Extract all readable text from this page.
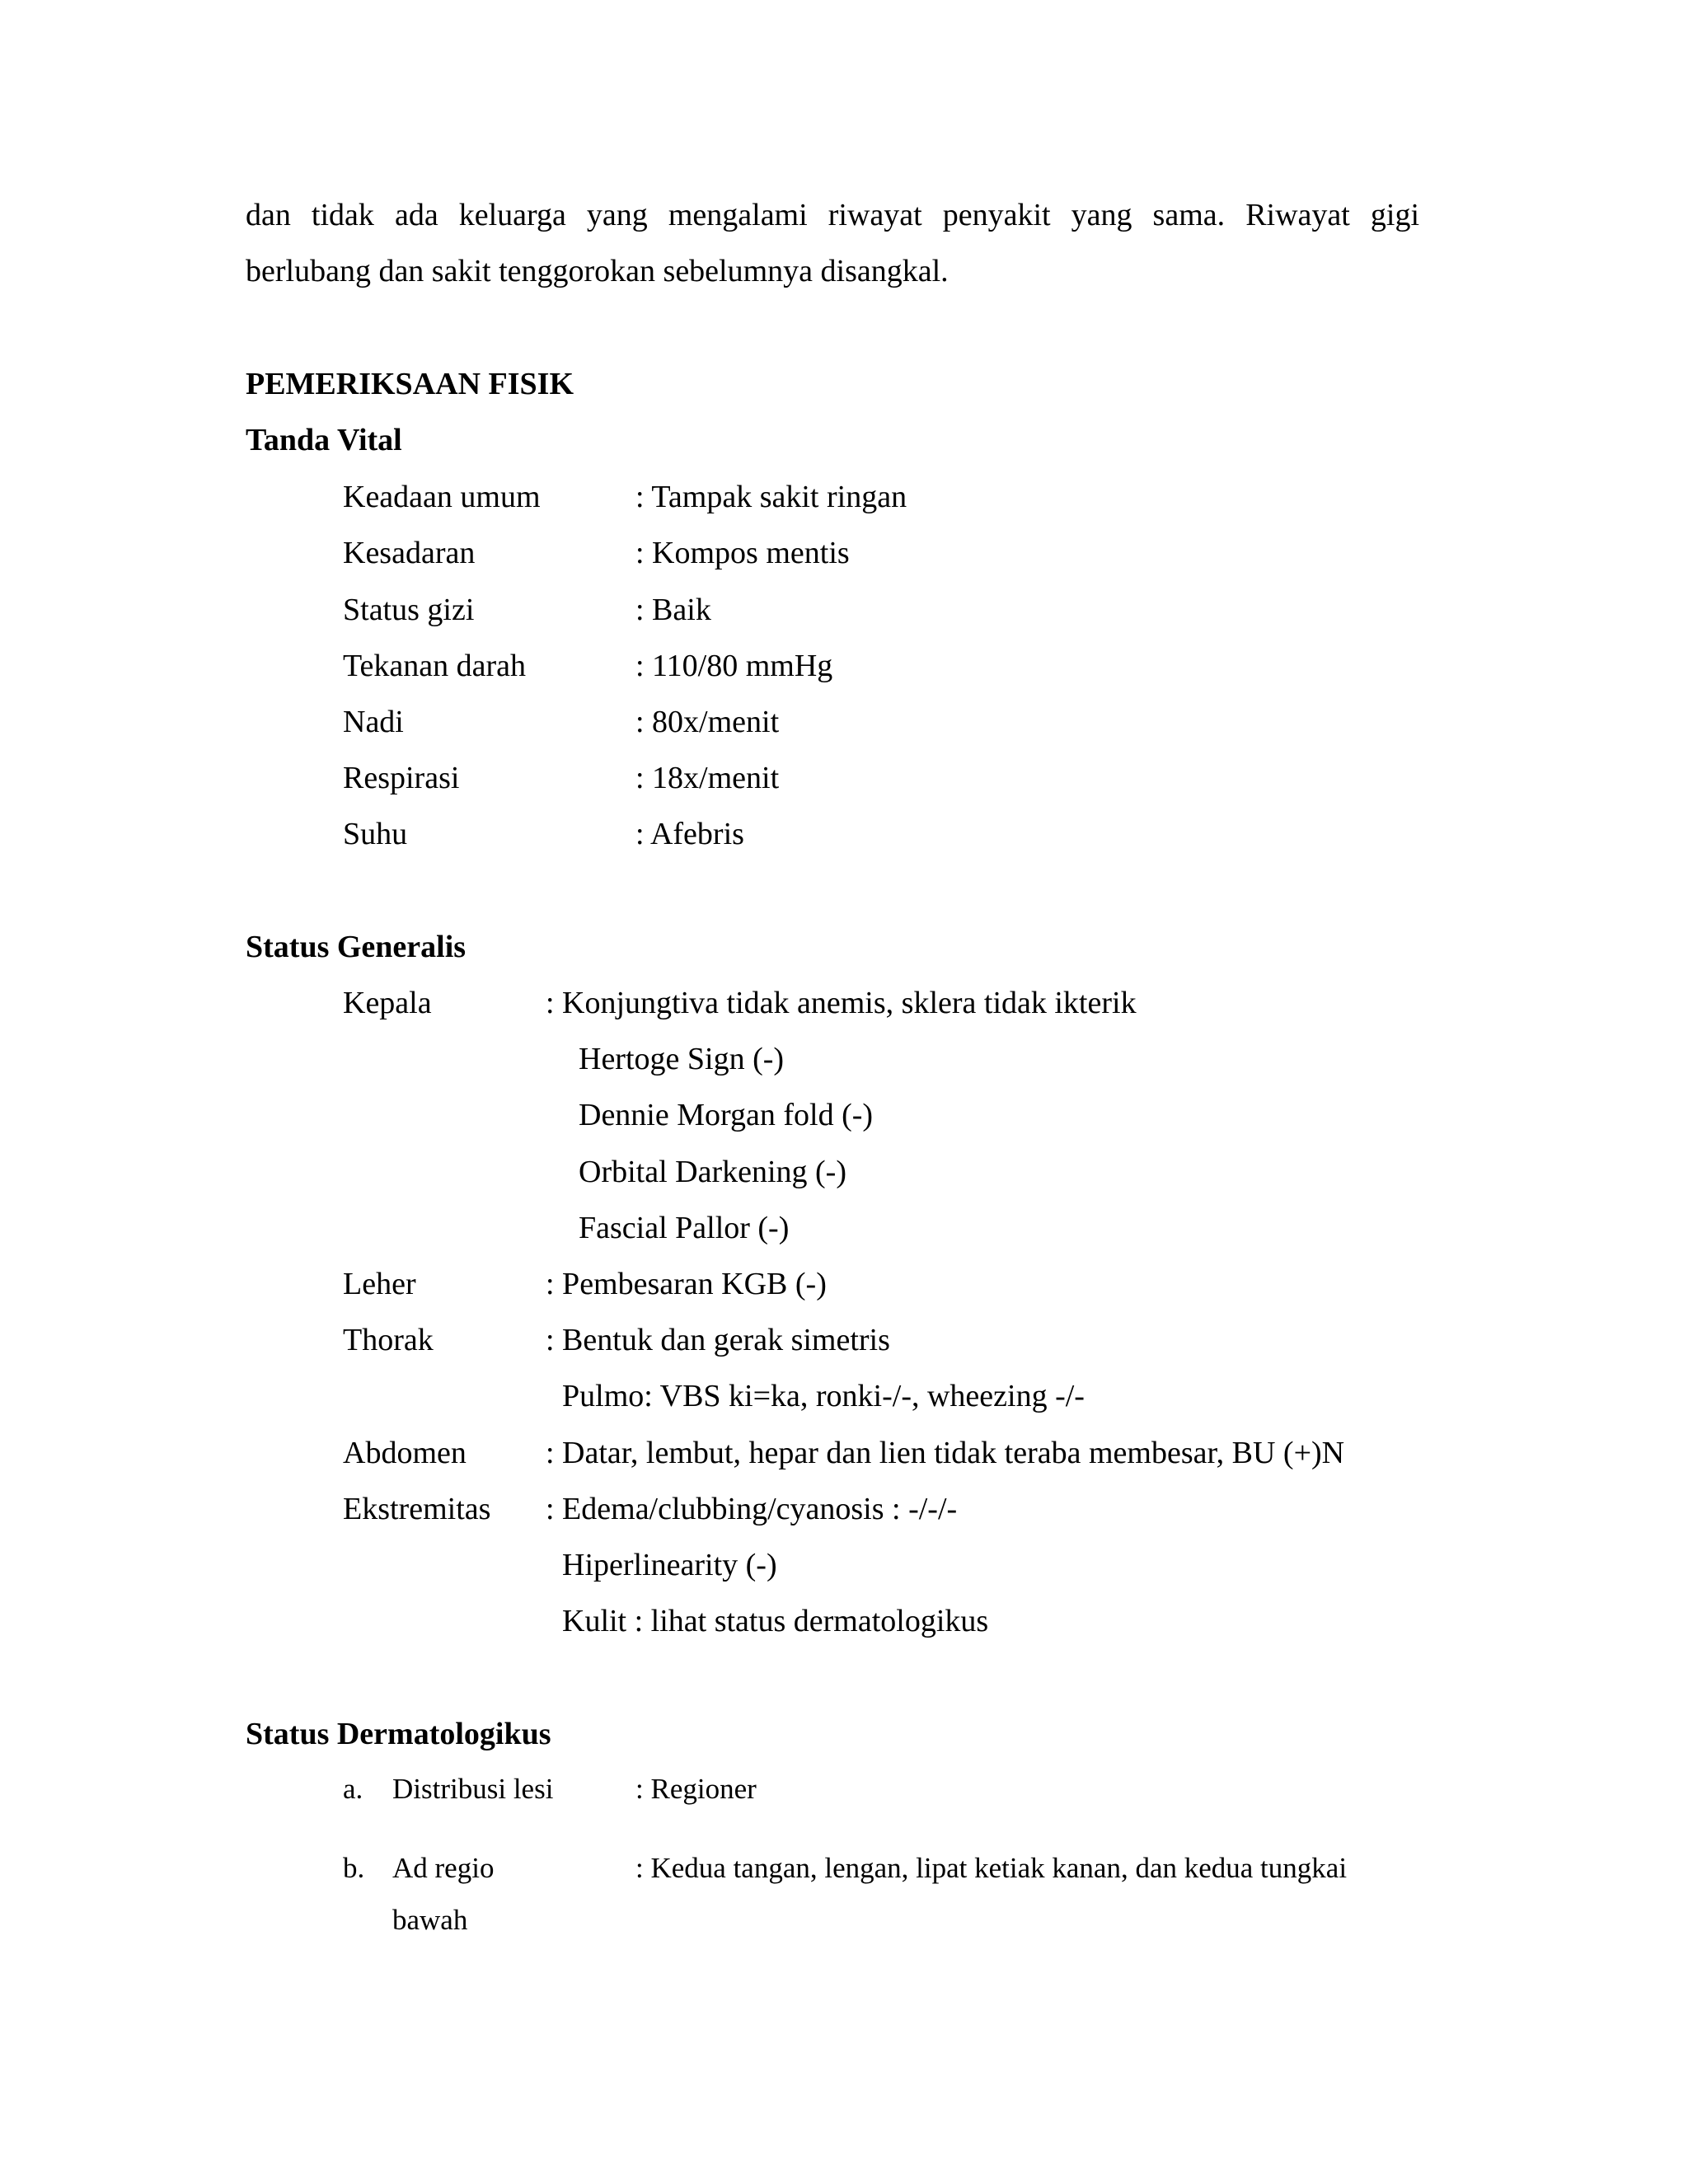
dan tidak ada keluarga yang mengalami riwayat penyakit yang sama. Riwayat gigi
berlubang dan sakit tenggorokan sebelumnya disangkal.
PEMERIKSAAN FISIK
Tanda Vital
Keadaan umum	: Tampak sakit ringan
Kesadaran	: Kompos mentis
Status gizi	: Baik
Tekanan darah	: 110/80 mmHg
Nadi	: 80x/menit
Respirasi	: 18x/menit
Suhu	: Afebris
Status Generalis
Kepala	: Konjungtiva tidak anemis, sklera tidak ikterik
Hertoge Sign (-)
Dennie Morgan fold (-)
Orbital Darkening (-)
Fascial Pallor (-)
Leher	: Pembesaran KGB (-)
Thorak	: Bentuk dan gerak simetris
Pulmo: VBS ki=ka, ronki-/-, wheezing -/-
Abdomen	: Datar, lembut, hepar dan lien tidak teraba membesar, BU (+)N
Ekstremitas : Edema/clubbing/cyanosis : -/-/-
Hiperlinearity (-)
Kulit : lihat status dermatologikus
Status Dermatologikus
a. Distribusi lesi	: Regioner
b. Ad regio	: Kedua tangan, lengan, lipat ketiak kanan, dan kedua tungkai
bawah
